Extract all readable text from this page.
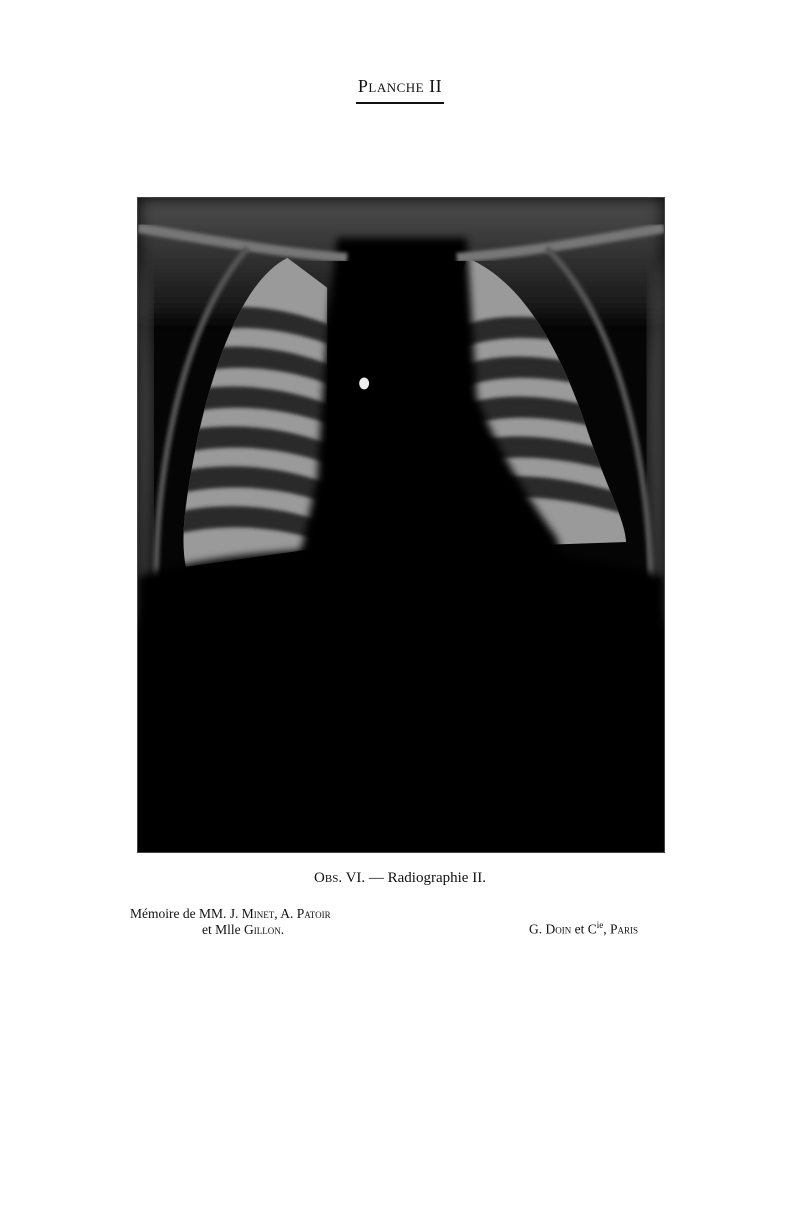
Planche II
Obs. VI. — Radiographie II.
Mémoire de MM. J. Minet, A. Patoir
et Mlle Gillon.	G. Doin et $C^{ie}$, Paris
